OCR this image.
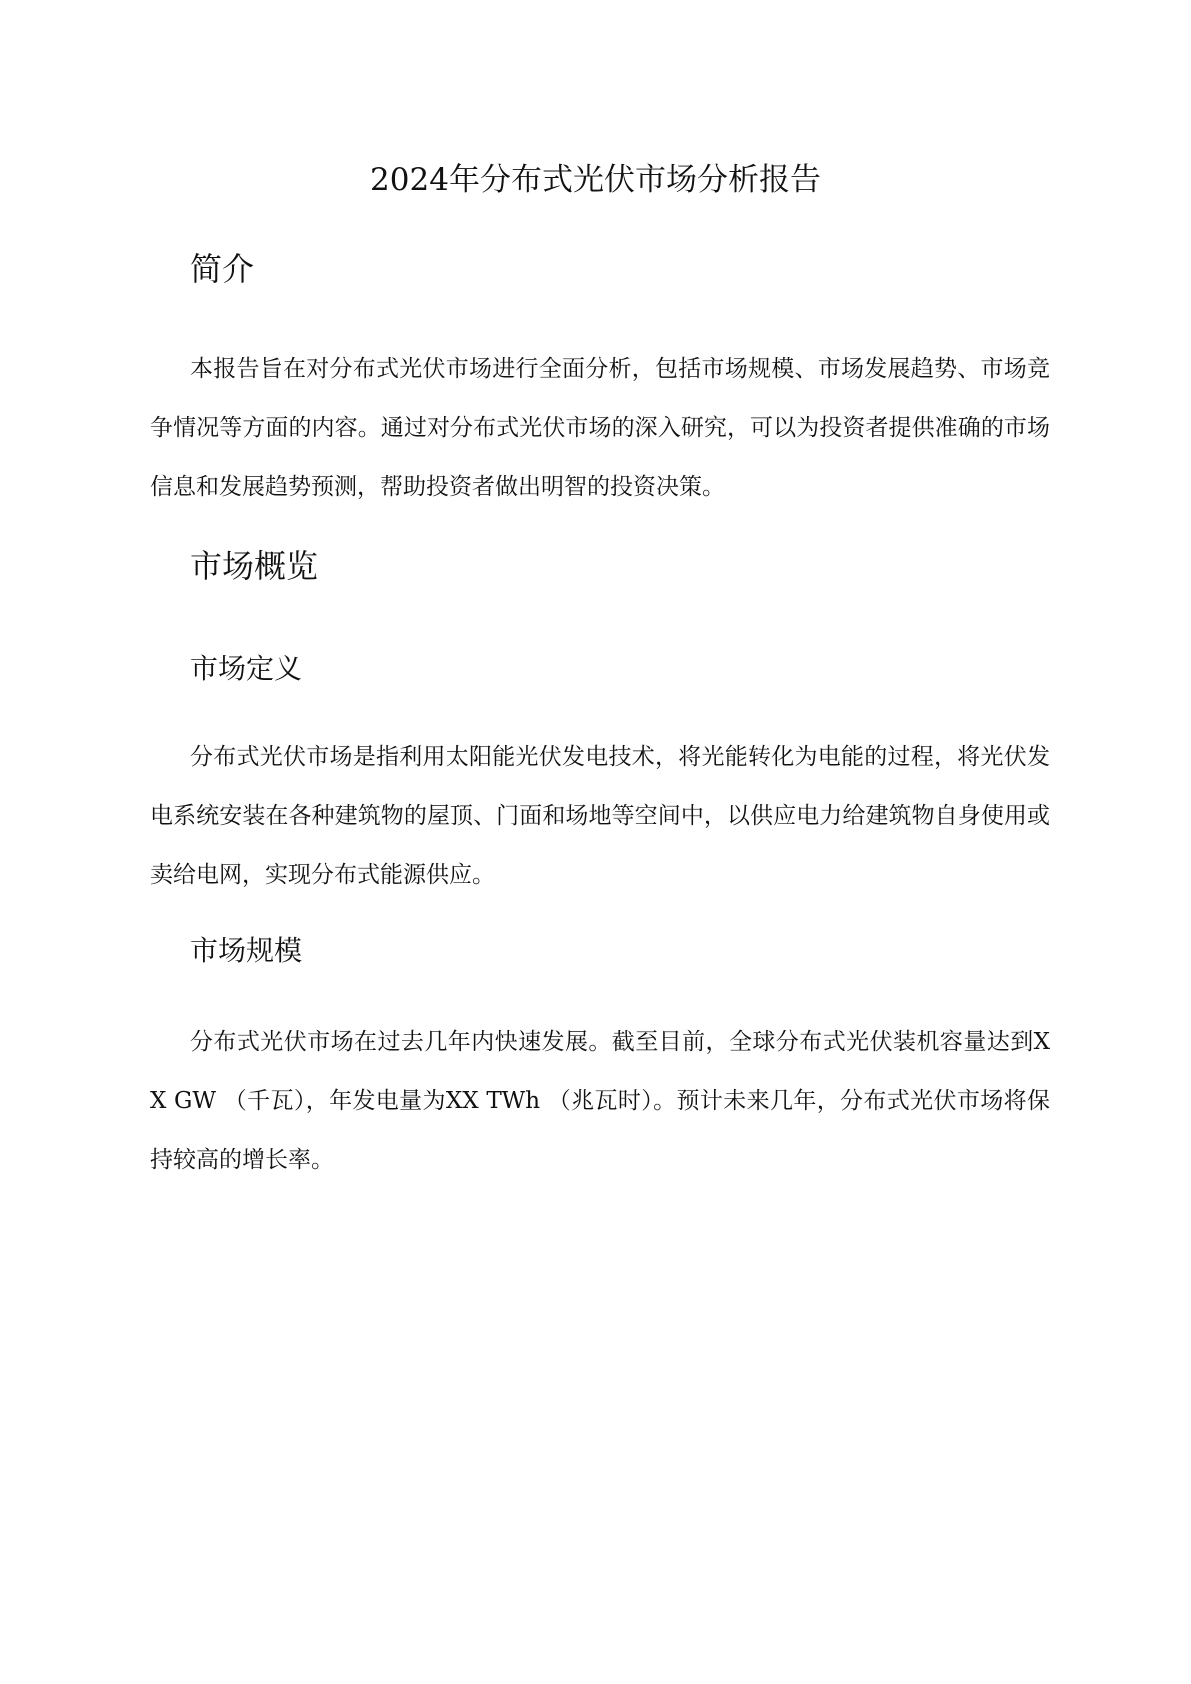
2024年分布式光伏市场分析报告
简介

本报告旨在对分布式光伏市场进行全面分析，包括市场规模、市场发展趋势、市场竞争情况等方面的内容。通过对分布式光伏市场的深入研究，可以为投资者提供准确的市场信息和发展趋势预测，帮助投资者做出明智的投资决策。

市场概览
市场定义

分布式光伏市场是指利用太阳能光伏发电技术，将光能转化为电能的过程，将光伏发电系统安装在各种建筑物的屋顶、门面和场地等空间中，以供应电力给建筑物自身使用或卖给电网，实现分布式能源供应。

市场规模

分布式光伏市场在过去几年内快速发展。截至目前，全球分布式光伏装机容量达到XX GW （千瓦），年发电量为XX TWh （兆瓦时）。预计未来几年，分布式光伏市场将保持较高的增长率。
